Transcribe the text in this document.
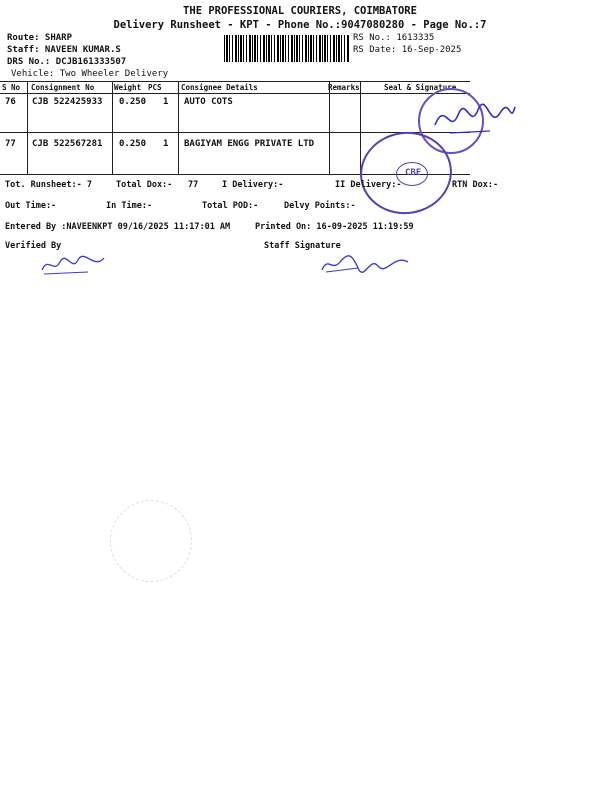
THE PROFESSIONAL COURIERS, COIMBATORE
Delivery Runsheet - KPT - Phone No.:9047080280 - Page No.:7
Route: SHARP
Staff: NAVEEN KUMAR.S
DRS No.: DCJB161333507
Vehicle: Two Wheeler Delivery
RS No.: 1613335
RS Date: 16-Sep-2025
S No Consignment No	Weight PCS	Consignee Details	Remarks	Seal & Signature
76 CJB 522425933 0.250 1 AUTO COTS
77 CJB 522567281 0.250 1 BAGIYAM ENGG PRIVATE LTD
CBE
Tot. Runsheet:- 7	Total Dox:- 77	I Delivery:-	II Delivery:-	RTN Dox:-
Out Time:-	In Time:-	Total POD:-	Delvy Points:-
Entered By :NAVEENKPT 09/16/2025 11:17:01 AM	Printed On: 16-09-2025 11:19:59
Verified By	Staff Signature
